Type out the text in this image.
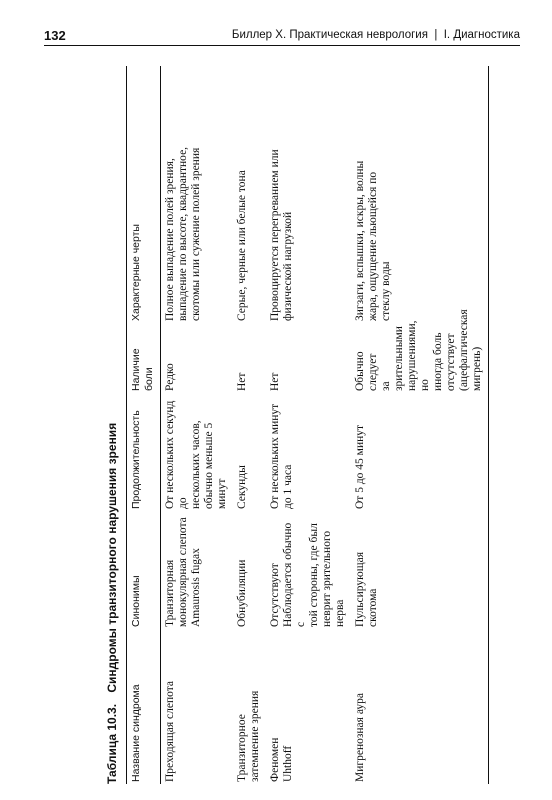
132	Биллер Х. Практическая неврология  |  I. Диагностика
Таблица 10.3. Синдромы транзиторного нарушения зрения
Название синдрома
Синонимы
Продолжительность
Наличие боли
Характерные черты
Преходящая слепота
Транзиторная монокулярная слепота Amaurosis fugax
От нескольких секунд до нескольких часов, обычно меньше 5 минут
Редко
Полное выпадение полей зрения, выпадение по высоте, квадрантное, скотомы или сужение полей зрения
Транзиторное затемнение зрения
Обнубиляции
Секунды
Нет
Серые, черные или белые тона
Феномен Uhthoff
Отсутствуют Наблюдается обычно с той стороны, где был неврит зрительного нерва
От нескольких минут до 1 часа
Нет
Провоцируется перегреванием или физической нагрузкой
Мигренозная аура
Пульсирующая скотома
От 5 до 45 минут
Обычно следует за зрительными нарушениями, но иногда боль отсутствует (ацефалгическая мигрень)
Зигзаги, вспышки, искры, волны жара, ощущение льющейся по стеклу воды
